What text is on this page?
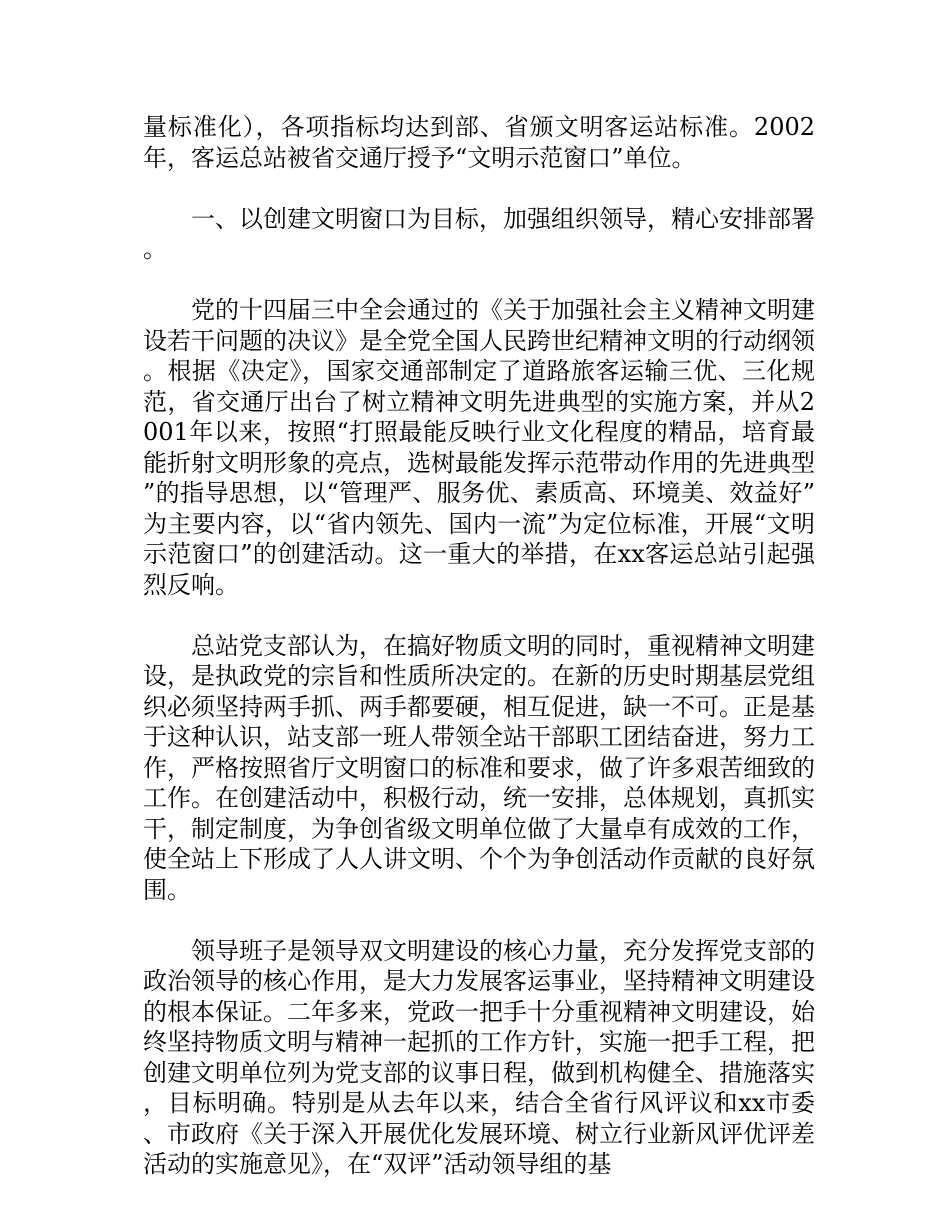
量标准化），各项指标均达到部、省颁文明客运站标准。2002年，客运总站被省交通厅授予“文明示范窗口”单位。

一、以创建文明窗口为目标，加强组织领导，精心安排部署。

党的十四届三中全会通过的《关于加强社会主义精神文明建设若干问题的决议》是全党全国人民跨世纪精神文明的行动纲领。根据《决定》，国家交通部制定了道路旅客运输三优、三化规范，省交通厅出台了树立精神文明先进典型的实施方案，并从2001年以来，按照“打照最能反映行业文化程度的精品，培育最能折射文明形象的亮点，选树最能发挥示范带动作用的先进典型”的指导思想，以“管理严、服务优、素质高、环境美、效益好”为主要内容，以“省内领先、国内一流”为定位标准，开展“文明示范窗口”的创建活动。这一重大的举措，在xx客运总站引起强烈反响。

总站党支部认为，在搞好物质文明的同时，重视精神文明建设，是执政党的宗旨和性质所决定的。在新的历史时期基层党组织必须坚持两手抓、两手都要硬，相互促进，缺一不可。正是基于这种认识，站支部一班人带领全站干部职工团结奋进，努力工作，严格按照省厅文明窗口的标准和要求，做了许多艰苦细致的工作。在创建活动中，积极行动，统一安排，总体规划，真抓实干，制定制度，为争创省级文明单位做了大量卓有成效的工作，使全站上下形成了人人讲文明、个个为争创活动作贡献的良好氛围。

领导班子是领导双文明建设的核心力量，充分发挥党支部的政治领导的核心作用，是大力发展客运事业，坚持精神文明建设的根本保证。二年多来，党政一把手十分重视精神文明建设，始终坚持物质文明与精神一起抓的工作方针，实施一把手工程，把创建文明单位列为党支部的议事日程，做到机构健全、措施落实，目标明确。特别是从去年以来，结合全省行风评议和xx市委、市政府《关于深入开展优化发展环境、树立行业新风评优评差活动的实施意见》，在“双评”活动领导组的基
